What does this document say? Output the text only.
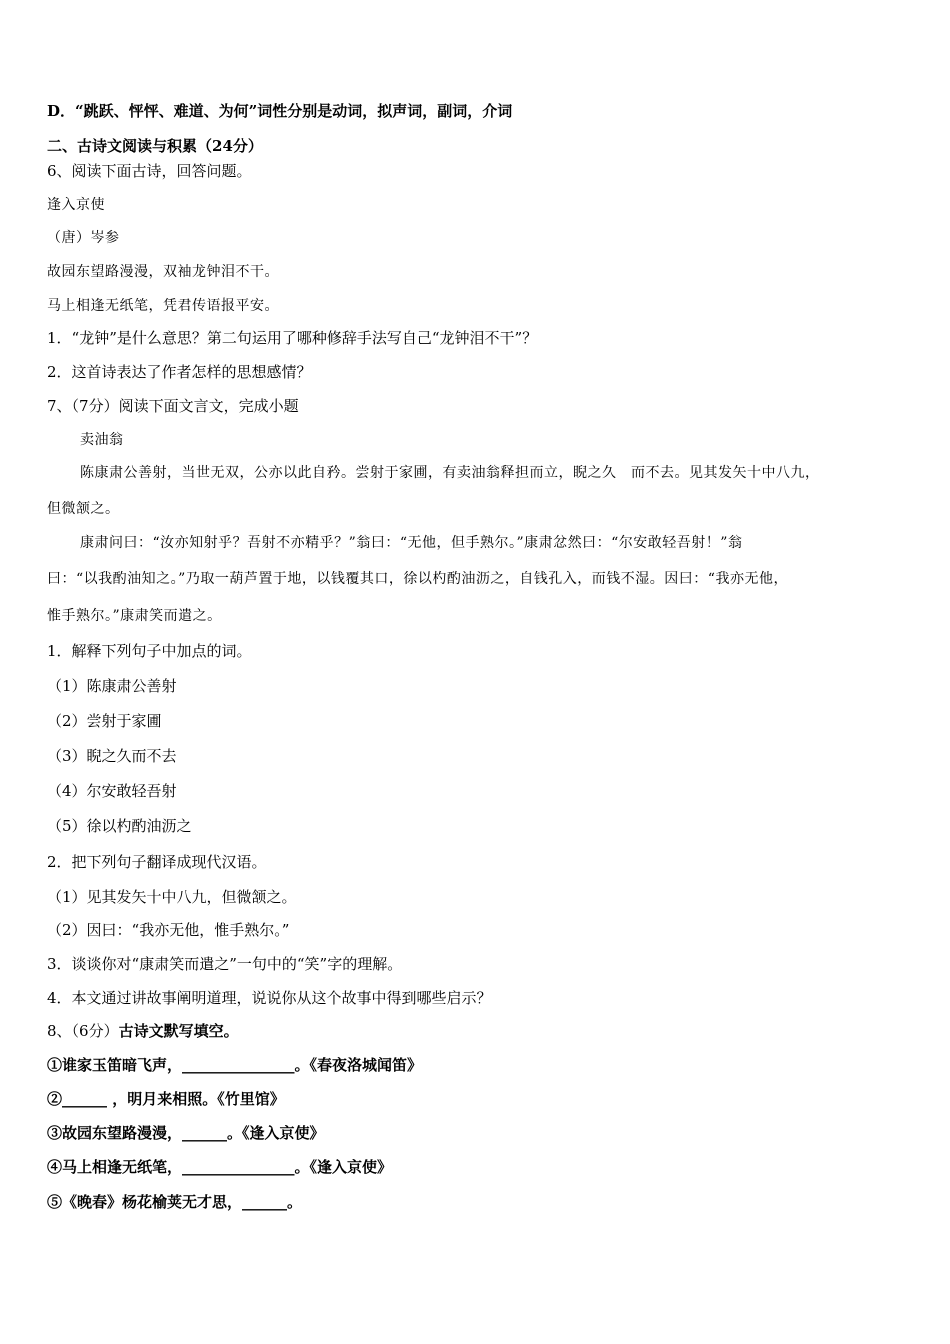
D．“跳跃、怦怦、难道、为何”词性分别是动词，拟声词，副词，介词
二、古诗文阅读与积累（24分）
6、阅读下面古诗，回答问题。
逢入京使
（唐）岑参
故园东望路漫漫，双袖龙钟泪不干。
马上相逢无纸笔，凭君传语报平安。
1．“龙钟”是什么意思？第二句运用了哪种修辞手法写自己“龙钟泪不干”？
2．这首诗表达了作者怎样的思想感情？
7、（7分）阅读下面文言文，完成小题
卖油翁
陈康肃公善射，当世无双，公亦以此自矜。尝射于家圃，有卖油翁释担而立，睨之久　而不去。见其发矢十中八九，
但微颔之。
康肃问曰：“汝亦知射乎？吾射不亦精乎？”翁曰：“无他，但手熟尔。”康肃忿然曰：“尔安敢轻吾射！”翁
曰：“以我酌油知之。”乃取一葫芦置于地，以钱覆其口，徐以杓酌油沥之，自钱孔入，而钱不湿。因曰：“我亦无他，
惟手熟尔。”康肃笑而遣之。
1．解释下列句子中加点的词。
（1）陈康肃公善射
（2）尝射于家圃
（3）睨之久而不去
（4）尔安敢轻吾射
（5）徐以杓酌油沥之
2．把下列句子翻译成现代汉语。
（1）见其发矢十中八九，但微颔之。
（2）因曰：“我亦无他，惟手熟尔。”
3．谈谈你对“康肃笑而遣之”一句中的“笑”字的理解。
4．本文通过讲故事阐明道理，说说你从这个故事中得到哪些启示？
8、（6分）古诗文默写填空。
①谁家玉笛暗飞声，_______________。《春夜洛城闻笛》
②______ ，明月来相照。《竹里馆》
③故园东望路漫漫，______。《逢入京使》
④马上相逢无纸笔，_______________。《逢入京使》
⑤《晚春》杨花榆荚无才思，______。
